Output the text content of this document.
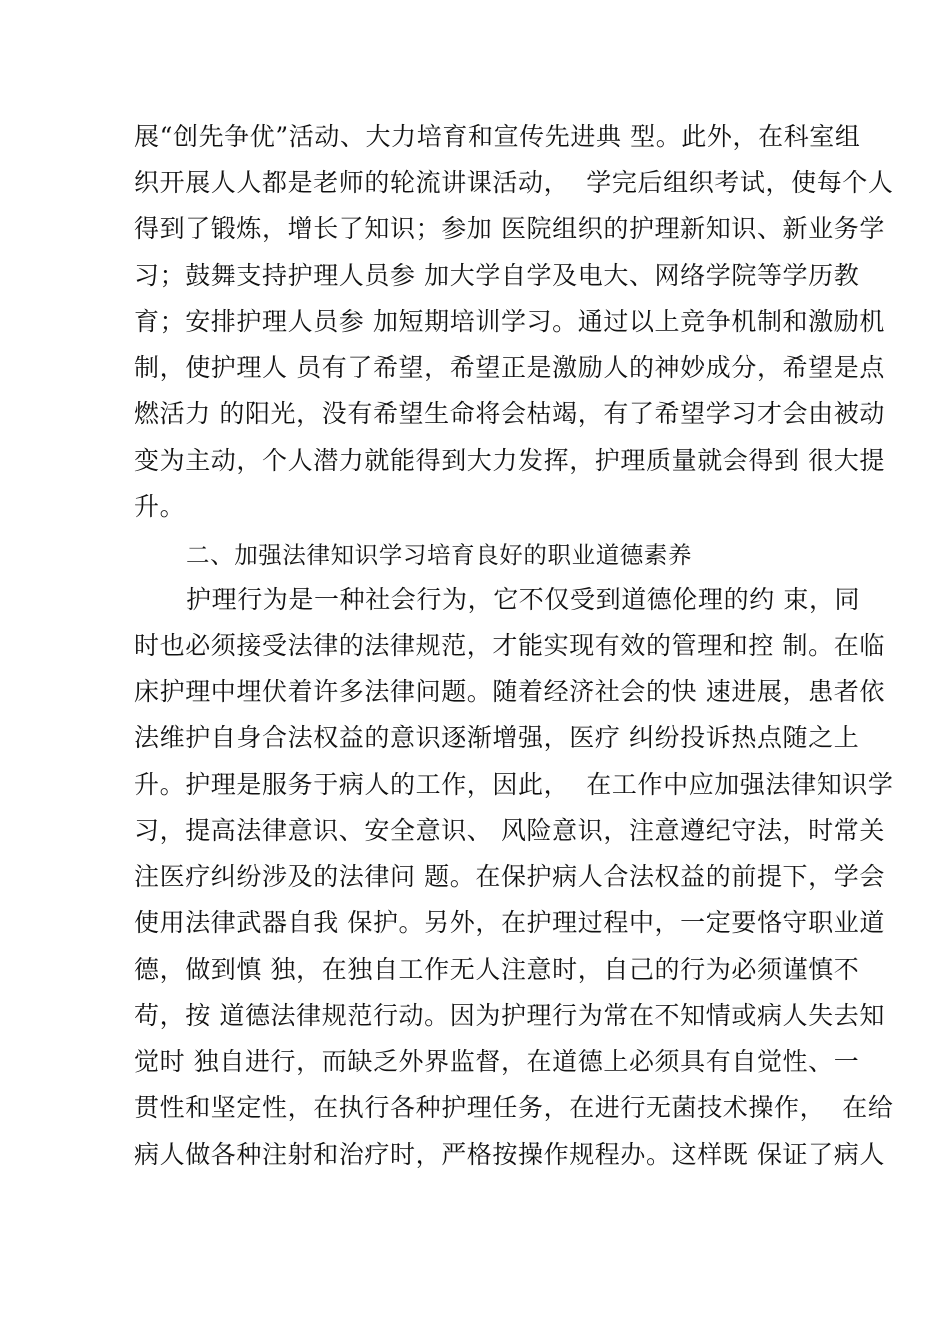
展“创先争优”活动、大力培育和宣传先进典 型。此外，在科室组
织开展人人都是老师的轮流讲课活动，  学完后组织考试，使每个人
得到了锻炼，增长了知识；参加 医院组织的护理新知识、新业务学
习；鼓舞支持护理人员参 加大学自学及电大、网络学院等学历教
育；安排护理人员参 加短期培训学习。通过以上竞争机制和激励机
制，使护理人 员有了希望，希望正是激励人的神妙成分，希望是点
燃活力 的阳光，没有希望生命将会枯竭，有了希望学习才会由被动
变为主动，个人潜力就能得到大力发挥，护理质量就会得到 很大提
升。
二、加强法律知识学习培育良好的职业道德素养
护理行为是一种社会行为，它不仅受到道德伦理的约 束，同
时也必须接受法律的法律规范，才能实现有效的管理和控 制。在临
床护理中埋伏着许多法律问题。随着经济社会的快 速进展，患者依
法维护自身合法权益的意识逐渐增强，医疗 纠纷投诉热点随之上
升。护理是服务于病人的工作，因此，  在工作中应加强法律知识学
习，提高法律意识、安全意识、 风险意识，注意遵纪守法，时常关
注医疗纠纷涉及的法律问 题。在保护病人合法权益的前提下，学会
使用法律武器自我 保护。另外，在护理过程中，一定要恪守职业道
德，做到慎 独，在独自工作无人注意时，自己的行为必须谨慎不
苟，按 道德法律规范行动。因为护理行为常在不知情或病人失去知
觉时 独自进行，而缺乏外界监督，在道德上必须具有自觉性、一
贯性和坚定性，在执行各种护理任务，在进行无菌技术操作，  在给
病人做各种注射和治疗时，严格按操作规程办。这样既 保证了病人
